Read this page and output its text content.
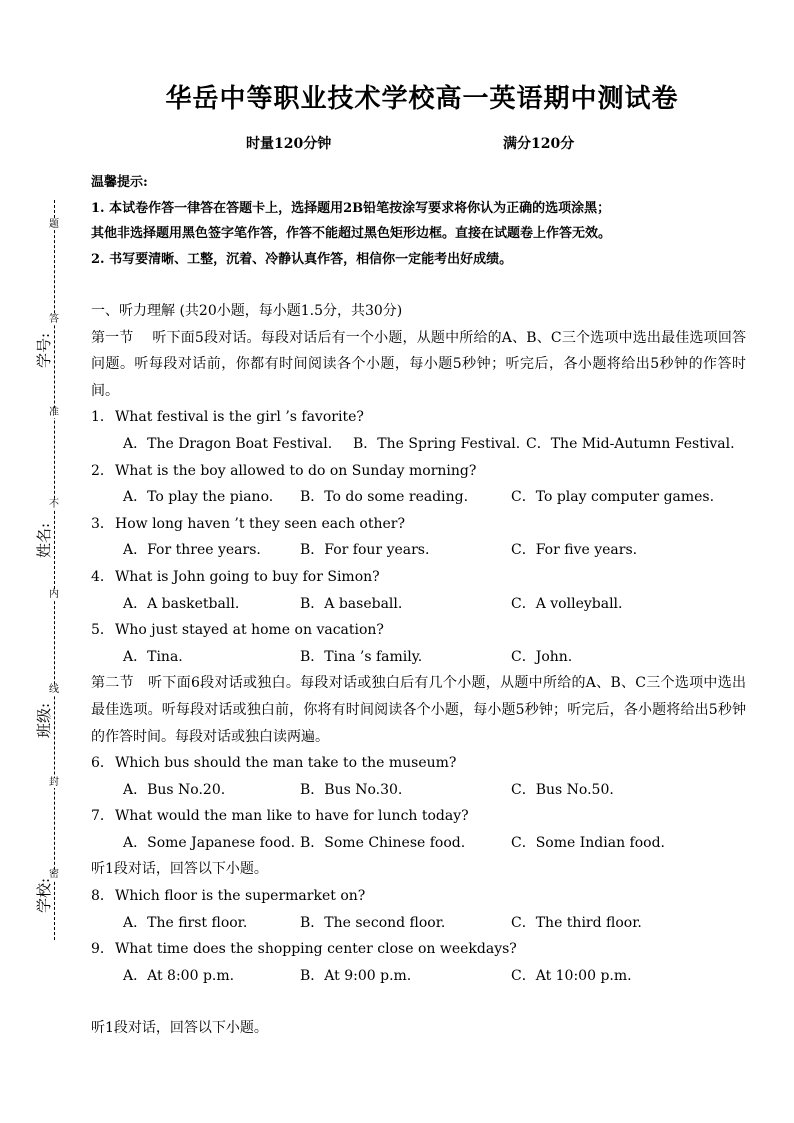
题
答
准
不
内
线
封
密
学号:
姓名:
班级:
学校:
华岳中等职业技术学校高一英语期中测试卷
时量120分钟	满分120分
温馨提示:
1. 本试卷作答一律答在答题卡上，选择题用2B铅笔按涂写要求将你认为正确的选项涂黑；
其他非选择题用黑色签字笔作答，作答不能超过黑色矩形边框。直接在试题卷上作答无效。
2. 书写要清晰、工整，沉着、冷静认真作答，相信你一定能考出好成绩。
一、听力理解 (共20小题，每小题1.5分，共30分)
第一节　 听下面5段对话。每段对话后有一个小题，从题中所给的A、B、C三个选项中选出最佳选项回答问题。听每段对话前，你都有时间阅读各个小题，每小题5秒钟；听完后，各小题将给出5秒钟的作答时间。
1． What festival is the girl ’s favorite?
A．The Dragon Boat Festival.	B．The Spring Festival. C．The Mid-Autumn Festival.
2． What is the boy allowed to do on Sunday morning?
A．To play the piano.	B．To do some reading.	C．To play computer games.
3． How long haven ’t they seen each other?
A．For three years.	B．For four years.	C．For five years.
4． What is John going to buy for Simon?
A．A basketball.	B．A baseball.	C．A volleyball.
5． Who just stayed at home on vacation?
A．Tina.	B．Tina ’s family.	C．John.
第二节　听下面6段对话或独白。每段对话或独白后有几个小题，从题中所给的A、B、C三个选项中选出最佳选项。听每段对话或独白前，你将有时间阅读各个小题，每小题5秒钟；听完后，各小题将给出5秒钟的作答时间。每段对话或独白读两遍。
6． Which bus should the man take to the museum?
A．Bus No.20.	B．Bus No.30.	C．Bus No.50.
7． What would the man like to have for lunch today?
A．Some Japanese food. B．Some Chinese food.	C．Some Indian food.
听1段对话，回答以下小题。
8． Which floor is the supermarket on?
A．The first floor.	B．The second floor.	C．The third floor.
9． What time does the shopping center close on weekdays?
A．At 8:00 p.m.	B．At 9:00 p.m.	C．At 10:00 p.m.
听1段对话，回答以下小题。
